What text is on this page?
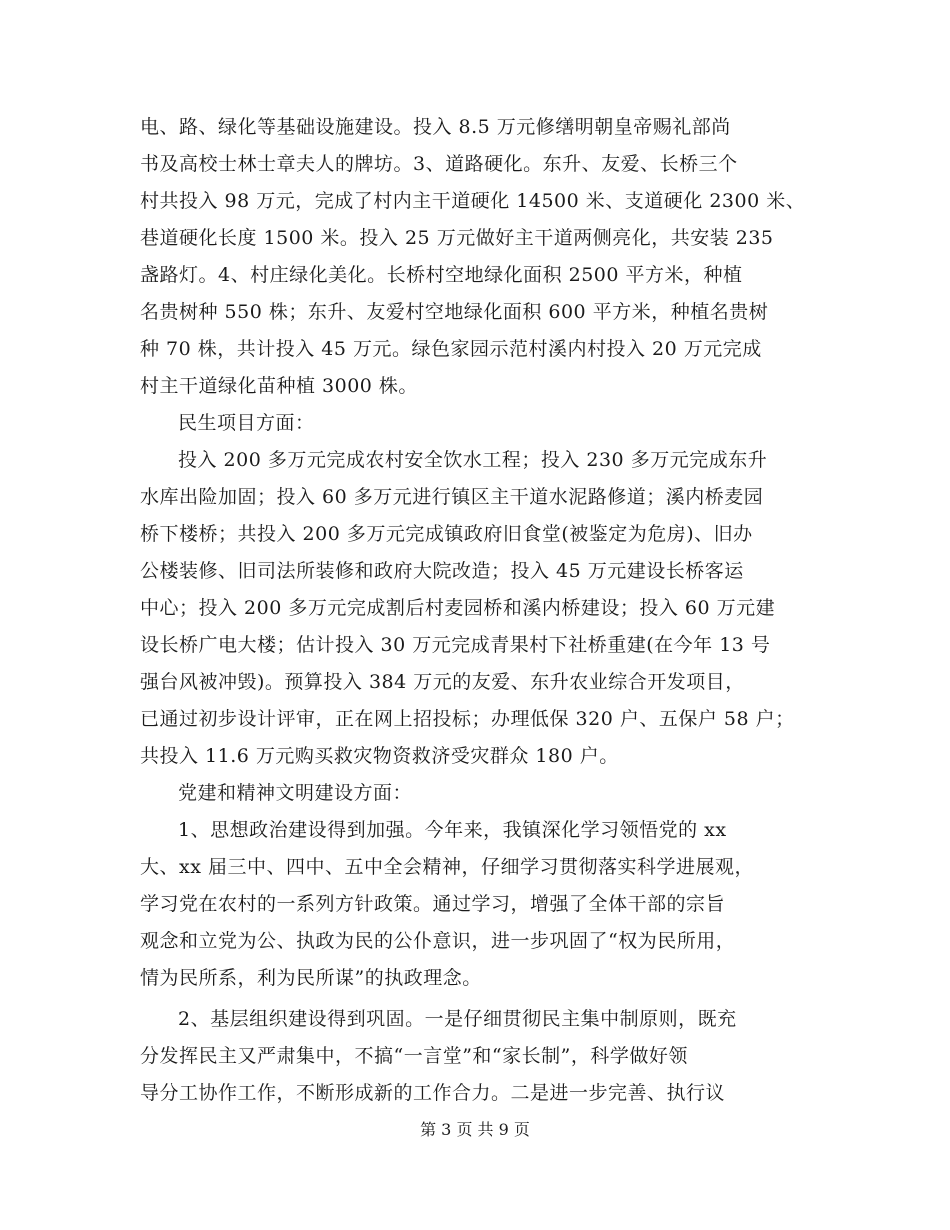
电、路、绿化等基础设施建设。投入 8.5 万元修缮明朝皇帝赐礼部尚
书及高校士林士章夫人的牌坊。3、道路硬化。东升、友爱、长桥三个
村共投入 98 万元，完成了村内主干道硬化 14500 米、支道硬化 2300 米、
巷道硬化长度 1500 米。投入 25 万元做好主干道两侧亮化，共安装 235
盏路灯。4、村庄绿化美化。长桥村空地绿化面积 2500 平方米，种植
名贵树种 550 株；东升、友爱村空地绿化面积 600 平方米，种植名贵树
种 70 株，共计投入 45 万元。绿色家园示范村溪内村投入 20 万元完成
村主干道绿化苗种植 3000 株。
民生项目方面：
投入 200 多万元完成农村安全饮水工程；投入 230 多万元完成东升
水库出险加固；投入 60 多万元进行镇区主干道水泥路修道；溪内桥麦园
桥下楼桥；共投入 200 多万元完成镇政府旧食堂(被鉴定为危房)、旧办
公楼装修、旧司法所装修和政府大院改造；投入 45 万元建设长桥客运
中心；投入 200 多万元完成割后村麦园桥和溪内桥建设；投入 60 万元建
设长桥广电大楼；估计投入 30 万元完成青果村下社桥重建(在今年 13 号
强台风被冲毁)。预算投入 384 万元的友爱、东升农业综合开发项目，
已通过初步设计评审，正在网上招投标；办理低保 320 户、五保户 58 户；
共投入 11.6 万元购买救灾物资救济受灾群众 180 户。
党建和精神文明建设方面：
1、思想政治建设得到加强。今年来，我镇深化学习领悟党的 xx
大、xx 届三中、四中、五中全会精神，仔细学习贯彻落实科学进展观，
学习党在农村的一系列方针政策。通过学习，增强了全体干部的宗旨
观念和立党为公、执政为民的公仆意识，进一步巩固了“权为民所用，
情为民所系，利为民所谋”的执政理念。
2、基层组织建设得到巩固。一是仔细贯彻民主集中制原则，既充
分发挥民主又严肃集中，不搞“一言堂”和“家长制”，科学做好领
导分工协作工作，不断形成新的工作合力。二是进一步完善、执行议
第 3 页 共 9 页
